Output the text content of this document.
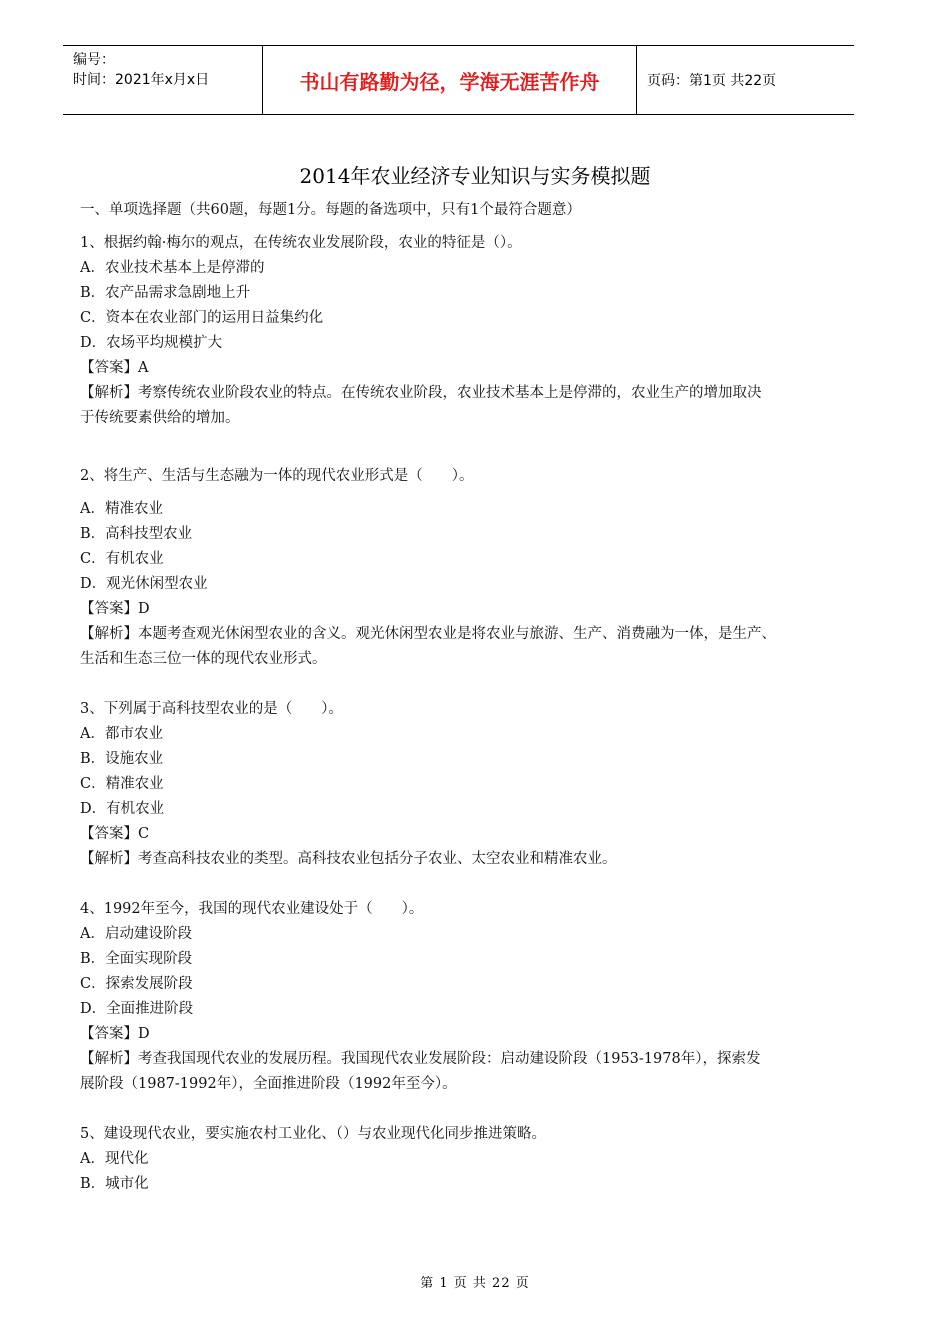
编号：
时间：2021年x月x日	书山有路勤为径，学海无涯苦作舟	页码：第1页 共22页
2014年农业经济专业知识与实务模拟题
一、单项选择题（共60题，每题1分。每题的备选项中，只有1个最符合题意）
1、根据约翰·梅尔的观点，在传统农业发展阶段，农业的特征是（）。
A．农业技术基本上是停滞的
B．农产品需求急剧地上升
C．资本在农业部门的运用日益集约化
D．农场平均规模扩大
【答案】A
【解析】考察传统农业阶段农业的特点。在传统农业阶段，农业技术基本上是停滞的，农业生产的增加取决
于传统要素供给的增加。
2、将生产、生活与生态融为一体的现代农业形式是（　　）。
A．精准农业
B．高科技型农业
C．有机农业
D．观光休闲型农业
【答案】D
【解析】本题考查观光休闲型农业的含义。观光休闲型农业是将农业与旅游、生产、消费融为一体，是生产、
生活和生态三位一体的现代农业形式。
3、下列属于高科技型农业的是（　　）。
A．都市农业
B．设施农业
C．精准农业
D．有机农业
【答案】C
【解析】考查高科技农业的类型。高科技农业包括分子农业、太空农业和精准农业。
4、1992年至今，我国的现代农业建设处于（　　）。
A．启动建设阶段
B．全面实现阶段
C．探索发展阶段
D．全面推进阶段
【答案】D
【解析】考查我国现代农业的发展历程。我国现代农业发展阶段：启动建设阶段（1953-1978年），探索发
展阶段（1987-1992年），全面推进阶段（1992年至今）。
5、建设现代农业，要实施农村工业化、（）与农业现代化同步推进策略。
A．现代化
B．城市化
第 1 页 共 22 页
